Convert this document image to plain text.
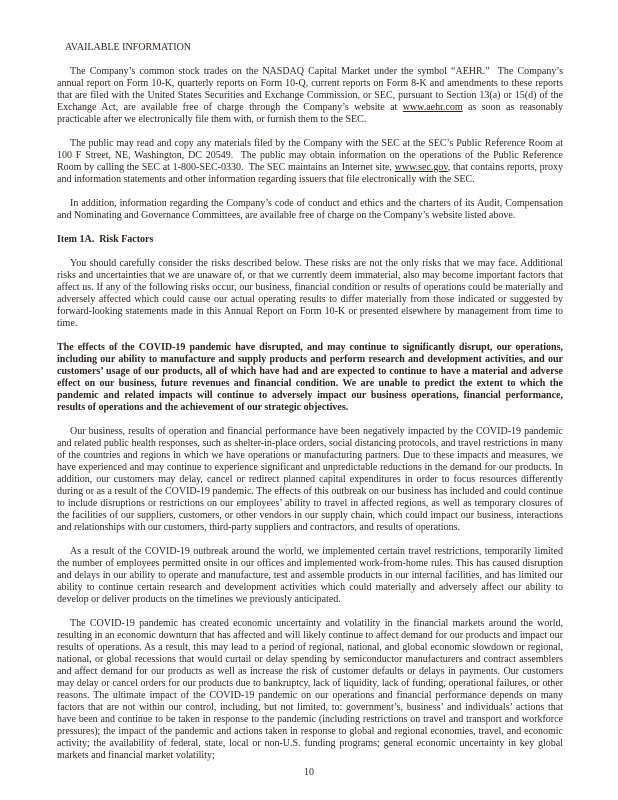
AVAILABLE INFORMATION

The Company’s common stock trades on the NASDAQ Capital Market under the symbol “AEHR.”  The Company’s annual report on Form 10-K, quarterly reports on Form 10-Q, current reports on Form 8-K and amendments to these reports that are filed with the United States Securities and Exchange Commission, or SEC, pursuant to Section 13(a) or 15(d) of the Exchange Act, are available free of charge through the Company’s website at www.aehr.com as soon as reasonably practicable after we electronically file them with, or furnish them to the SEC.

The public may read and copy any materials filed by the Company with the SEC at the SEC’s Public Reference Room at 100 F Street, NE, Washington, DC 20549.  The public may obtain information on the operations of the Public Reference Room by calling the SEC at 1-800-SEC-0330.  The SEC maintains an Internet site, www.sec.gov, that contains reports, proxy and information statements and other information regarding issuers that file electronically with the SEC.

In addition, information regarding the Company’s code of conduct and ethics and the charters of its Audit, Compensation and Nominating and Governance Committees, are available free of charge on the Company’s website listed above.

Item 1A.  Risk Factors

You should carefully consider the risks described below. These risks are not the only risks that we may face. Additional risks and uncertainties that we are unaware of, or that we currently deem immaterial, also may become important factors that affect us. If any of the following risks occur, our business, financial condition or results of operations could be materially and adversely affected which could cause our actual operating results to differ materially from those indicated or suggested by forward-looking statements made in this Annual Report on Form 10-K or presented elsewhere by management from time to time.

The effects of the COVID-19 pandemic have disrupted, and may continue to significantly disrupt, our operations, including our ability to manufacture and supply products and perform research and development activities, and our customers’ usage of our products, all of which have had and are expected to continue to have a material and adverse effect on our business, future revenues and financial condition. We are unable to predict the extent to which the pandemic and related impacts will continue to adversely impact our business operations, financial performance, results of operations and the achievement of our strategic objectives.

Our business, results of operation and financial performance have been negatively impacted by the COVID-19 pandemic and related public health responses, such as shelter-in-place orders, social distancing protocols, and travel restrictions in many of the countries and regions in which we have operations or manufacturing partners. Due to these impacts and measures, we have experienced and may continue to experience significant and unpredictable reductions in the demand for our products. In addition, our customers may delay, cancel or redirect planned capital expenditures in order to focus resources differently during or as a result of the COVID-19 pandemic. The effects of this outbreak on our business has included and could continue to include disruptions or restrictions on our employees’ ability to travel in affected regions, as well as temporary closures of the facilities of our suppliers, customers, or other vendors in our supply chain, which could impact our business, interactions and relationships with our customers, third-party suppliers and contractors, and results of operations.

As a result of the COVID-19 outbreak around the world, we implemented certain travel restrictions, temporarily limited the number of employees permitted onsite in our offices and implemented work-from-home rules. This has caused disruption and delays in our ability to operate and manufacture, test and assemble products in our internal facilities, and has limited our ability to continue certain research and development activities which could materially and adversely affect our ability to develop or deliver products on the timelines we previously anticipated.

The COVID-19 pandemic has created economic uncertainty and volatility in the financial markets around the world, resulting in an economic downturn that has affected and will likely continue to affect demand for our products and impact our results of operations. As a result, this may lead to a period of regional, national, and global economic slowdown or regional, national, or global recessions that would curtail or delay spending by semiconductor manufacturers and contract assemblers and affect demand for our products as well as increase the risk of customer defaults or delays in payments. Our customers may delay or cancel orders for our products due to bankruptcy, lack of liquidity, lack of funding, operational failures, or other reasons. The ultimate impact of the COVID-19 pandemic on our operations and financial performance depends on many factors that are not within our control, including, but not limited, to: government’s, business’ and individuals’ actions that have been and continue to be taken in response to the pandemic (including restrictions on travel and transport and workforce pressures); the impact of the pandemic and actions taken in response to global and regional economies, travel, and economic activity; the availability of federal, state, local or non-U.S. funding programs; general economic uncertainty in key global markets and financial market volatility;

10
